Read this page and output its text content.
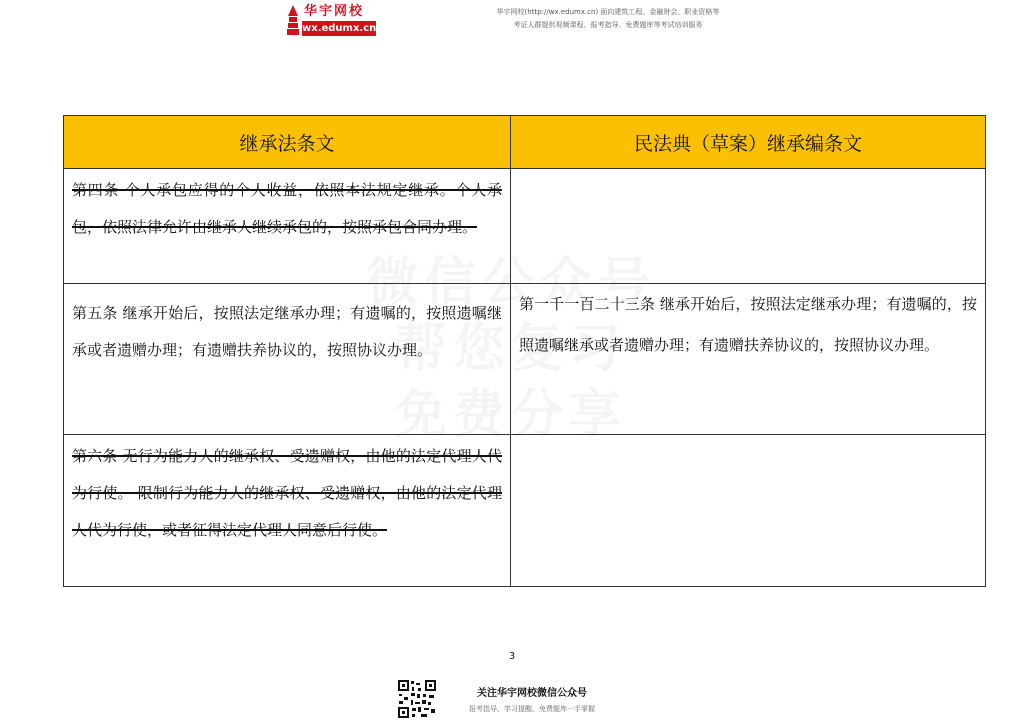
华宇网校
wx.edumx.cn
华宇网校(http://wx.edumx.cn) 面向建筑工程、金融财会、职业资格等
考证人群提供视频课程、报考指导、免费题库等考试培训服务
继承法条文	民法典（草案）继承编条文

第四条 个人承包应得的个人收益，依照本法规定继承。个人承包，依照法律允许由继承人继续承包的，按照承包合同办理。	

第五条 继承开始后，按照法定继承办理；有遗嘱的，按照遗嘱继承或者遗赠办理；有遗赠扶养协议的，按照协议办理。	第一千一百二十三条 继承开始后，按照法定继承办理；有遗嘱的，按照遗嘱继承或者遗赠办理；有遗赠扶养协议的，按照协议办理。

第六条 无行为能力人的继承权、受遗赠权，由他的法定代理人代为行使。 限制行为能力人的继承权、受遗赠权，由他的法定代理人代为行使，或者征得法定代理人同意后行使。	

3
关注华宇网校微信公众号
报考指导、学习提醒、免费题库一手掌握
